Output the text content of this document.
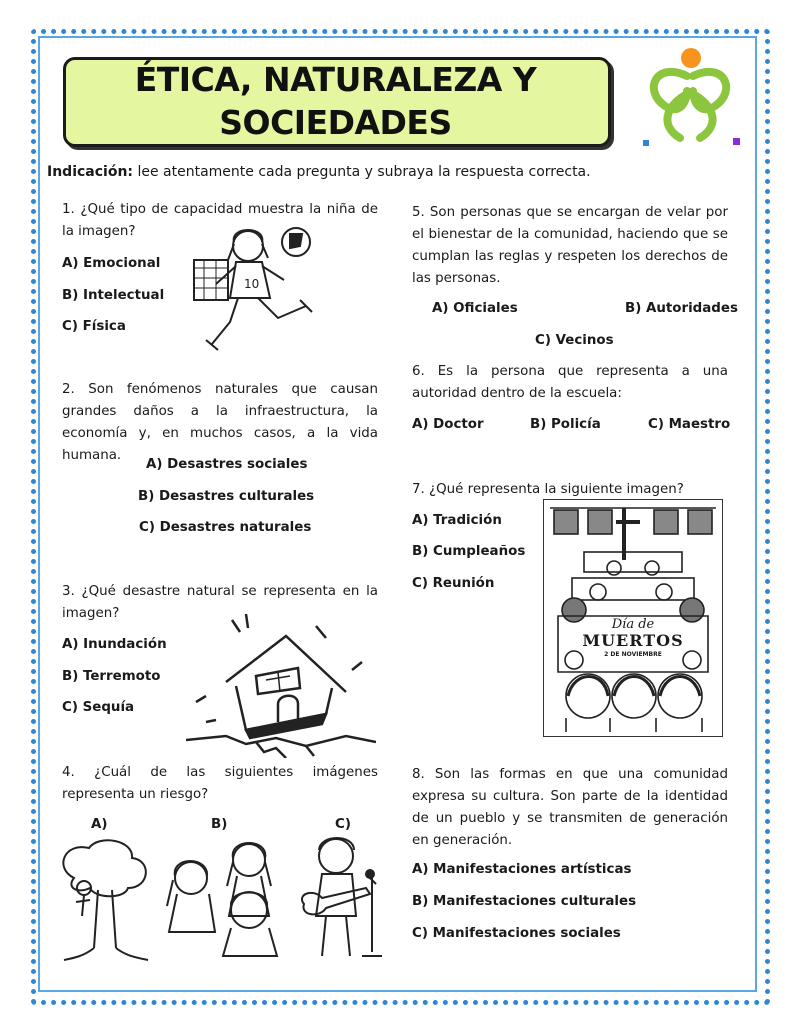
ÉTICA, NATURALEZA Y
SOCIEDADES
Indicación: lee atentamente cada pregunta y subraya la respuesta correcta.
1. ¿Qué tipo de capacidad muestra la niña de la imagen?
A) Emocional
B) Intelectual
C) Física
10
2. Son fenómenos naturales que causan grandes daños a la infraestructura, la economía y, en muchos casos, a la vida humana.
A) Desastres sociales
B) Desastres culturales
C) Desastres naturales
3. ¿Qué desastre natural se representa en la imagen?
A) Inundación
B) Terremoto
C) Sequía
4. ¿Cuál de las siguientes imágenes representa un riesgo?
A)	B)	C)
5. Son personas que se encargan de velar por el bienestar de la comunidad, haciendo que se cumplan las reglas y respeten los derechos de las personas.
A) Oficiales	B) Autoridades
C) Vecinos
6. Es la persona que representa a una autoridad dentro de la escuela:
A) Doctor	B) Policía	C) Maestro
7. ¿Qué representa la siguiente imagen?
A) Tradición
B) Cumpleaños
C) Reunión
Día de
MUERTOS
2 DE NOVIEMBRE
8. Son las formas en que una comunidad expresa su cultura. Son parte de la identidad de un pueblo y se transmiten de generación en generación.
A) Manifestaciones artísticas
B) Manifestaciones culturales
C) Manifestaciones sociales
